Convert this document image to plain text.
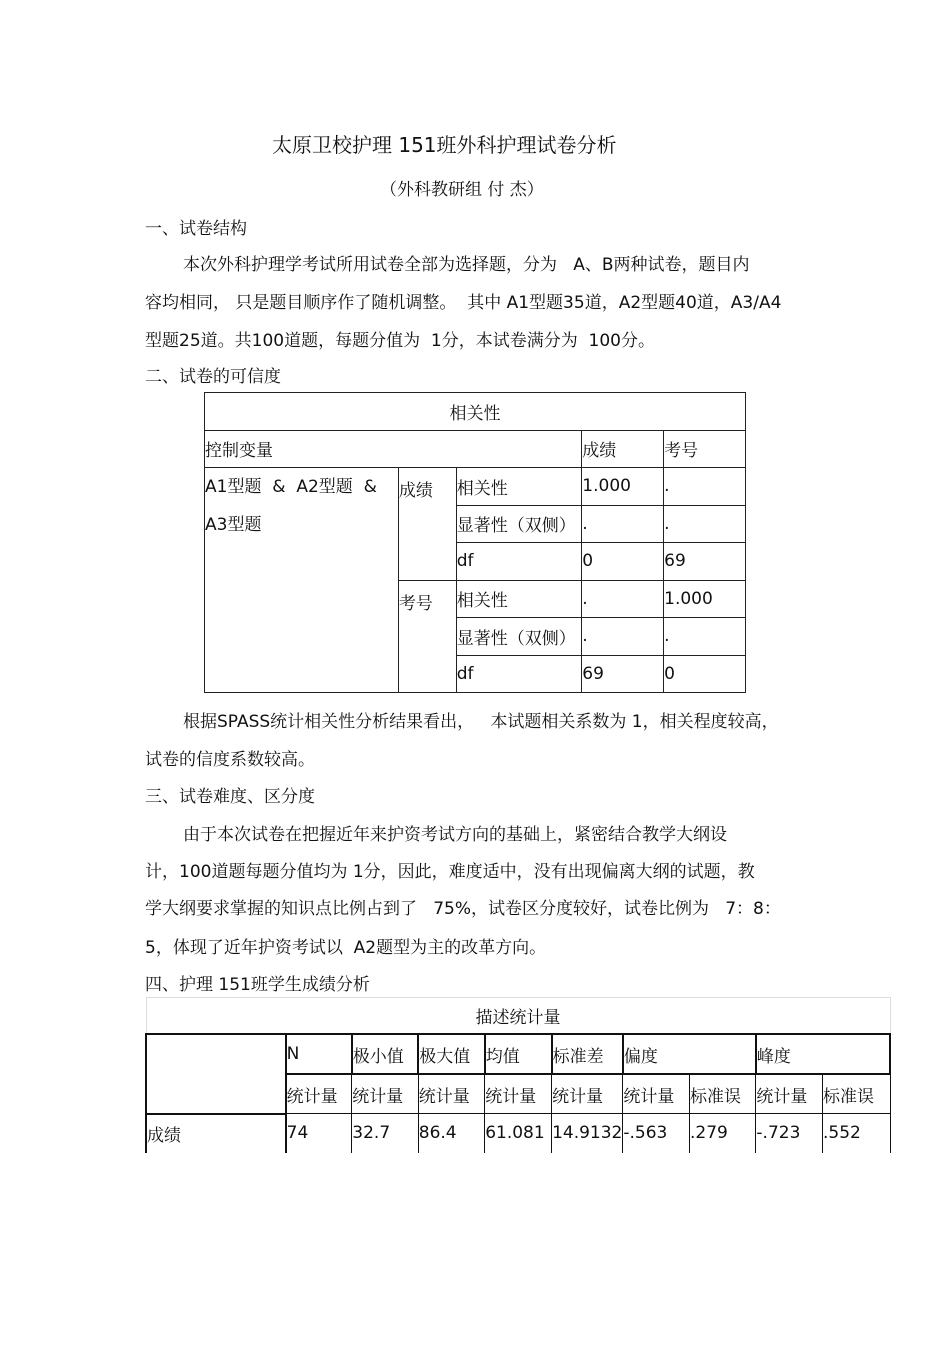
太原卫校护理 151班外科护理试卷分析
（外科教研组 付 杰）
一、试卷结构
本次外科护理学考试所用试卷全部为选择题，分为   A、B两种试卷，题目内
容均相同， 只是题目顺序作了随机调整。  其中 A1型题35道，A2型题40道，A3/A4
型题25道。共100道题，每题分值为  1分，本试卷满分为  100分。
二、试卷的可信度
相关性				
控制变量			成绩	考号

A1型题  &  A2型题  &
A3型题	成绩	相关性	1.000	.
		显著性（双侧）	.	.
		df	0	69
	考号	相关性	.	1.000
		显著性（双侧）	.	.
		df	69	0
根据SPASS统计相关性分析结果看出，   本试题相关系数为 1，相关程度较高，
试卷的信度系数较高。
三、试卷难度、区分度
由于本次试卷在把握近年来护资考试方向的基础上，紧密结合教学大纲设
计，100道题每题分值均为 1分，因此，难度适中，没有出现偏离大纲的试题，教
学大纲要求掌握的知识点比例占到了   75%，试卷区分度较好，试卷比例为   7：8：
5，体现了近年护资考试以  A2题型为主的改革方向。
四、护理 151班学生成绩分析
描述统计量									
	N	极小值	极大值	均值	标准差	偏度		峰度	
	统计量	统计量	统计量	统计量	统计量	统计量	标准误	统计量	标准误
成绩	74	32.7	86.4	61.081	14.9132	-.563	.279	-.723	.552
